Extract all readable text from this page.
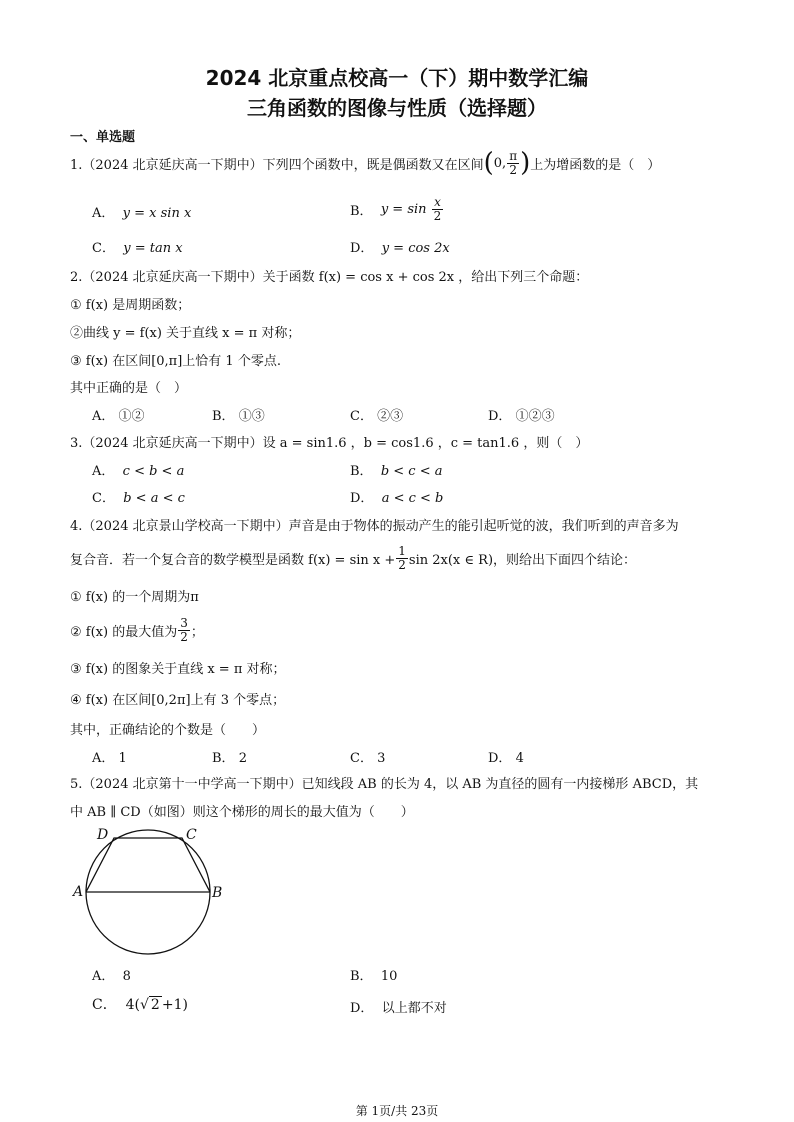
2024 北京重点校高一（下）期中数学汇编
三角函数的图像与性质（选择题）
一、单选题
1.（2024 北京延庆高一下期中）下列四个函数中，既是偶函数又在区间 ( 0, $\frac{\pi}{2}$ ) 上为增函数的是（　）
A．  y = x sin x	B． y = sin
$\frac{x}{2}$
C．  y = tan x	D．  y = cos 2x
2.（2024 北京延庆高一下期中）关于函数 f(x) = cos x + cos 2x ，给出下列三个命题：
① f(x) 是周期函数；
②曲线 y = f(x) 关于直线 x = π 对称；
③ f(x) 在区间[0,π]上恰有 1 个零点.
其中正确的是（　）
A． ①②	B． ①③	C． ②③	D． ①②③
3.（2024 北京延庆高一下期中）设 a = sin1.6 ，b = cos1.6 ，c = tan1.6 ，则（　）
A．  c < b < a	B．  b < c < a
C．  b < a < c	D．  a < c < b
4.（2024 北京景山学校高一下期中）声音是由于物体的振动产生的能引起听觉的波，我们听到的声音多为
复合音．若一个复合音的数学模型是函数 $f(x) = \sin x + \frac{1}{2}$ sin 2x(x ∈ R)，则给出下面四个结论：
① f(x) 的一个周期为π
② f(x) 的最大值为 $\frac{3}{2}$ ；
③ f(x) 的图象关于直线 x = π 对称；
④ f(x) 在区间[0,2π]上有 3 个零点；
其中，正确结论的个数是（　　）
A． 1	B． 2	C． 3	D． 4
5.（2024 北京第十一中学高一下期中）已知线段 AB 的长为 4，以 AB 为直径的圆有一内接梯形 ABCD，其
中 AB ∥ CD（如图）则这个梯形的周长的最大值为（　　）
A	B
C
D
A．  8	B．  10
C．  4(√ 2 +1)	D．  以上都不对
第 1页/共 23页
